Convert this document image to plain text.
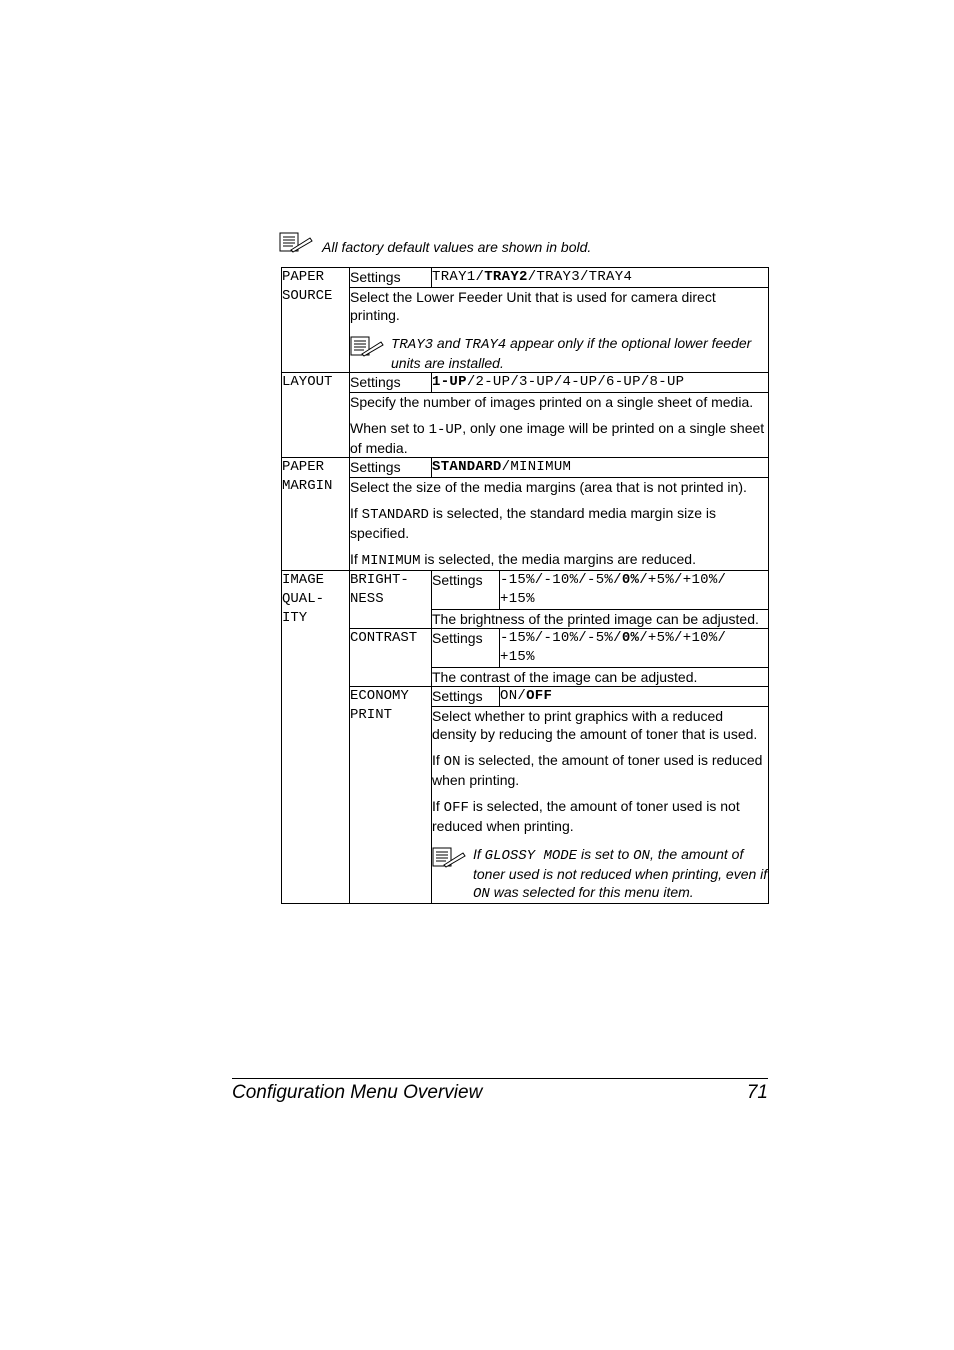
All factory default values are shown in bold.
PAPER SOURCE	Settings	TRAY1/TRAY2/TRAY3/TRAY4	

	Select the Lower Feeder Unit that is used for camera direct printing.

TRAY3 and TRAY4 appear only if the optional lower feeder units are installed.		

LAYOUT	Settings	1-UP/2-UP/3-UP/4-UP/6-UP/8-UP	

	Specify the number of images printed on a single sheet of media.

When set to 1-UP, only one image will be printed on a single sheet of media.		

PAPER MARGIN	Settings	STANDARD/MINIMUM	

	Select the size of the media margins (area that is not printed in).

If STANDARD is selected, the standard media margin size is specified.

If MINIMUM is selected, the media margins are reduced.		

IMAGE QUAL- ITY	BRIGHT- NESS	Settings	-15%/-10%/-5%/0%/+5%/+10%/ +15%

		The brightness of the printed image can be adjusted.	

	CONTRAST	Settings	-15%/-10%/-5%/0%/+5%/+10%/ +15%

		The contrast of the image can be adjusted.	

	ECONOMY PRINT	Settings	ON/OFF

		Select whether to print graphics with a reduced density by reducing the amount of toner that is used.

If ON is selected, the amount of toner used is reduced when printing.

If OFF is selected, the amount of toner used is not reduced when printing.

If GLOSSY MODE is set to ON, the amount of toner used is not reduced when printing, even if ON was selected for this menu item.	
Configuration Menu Overview	71
